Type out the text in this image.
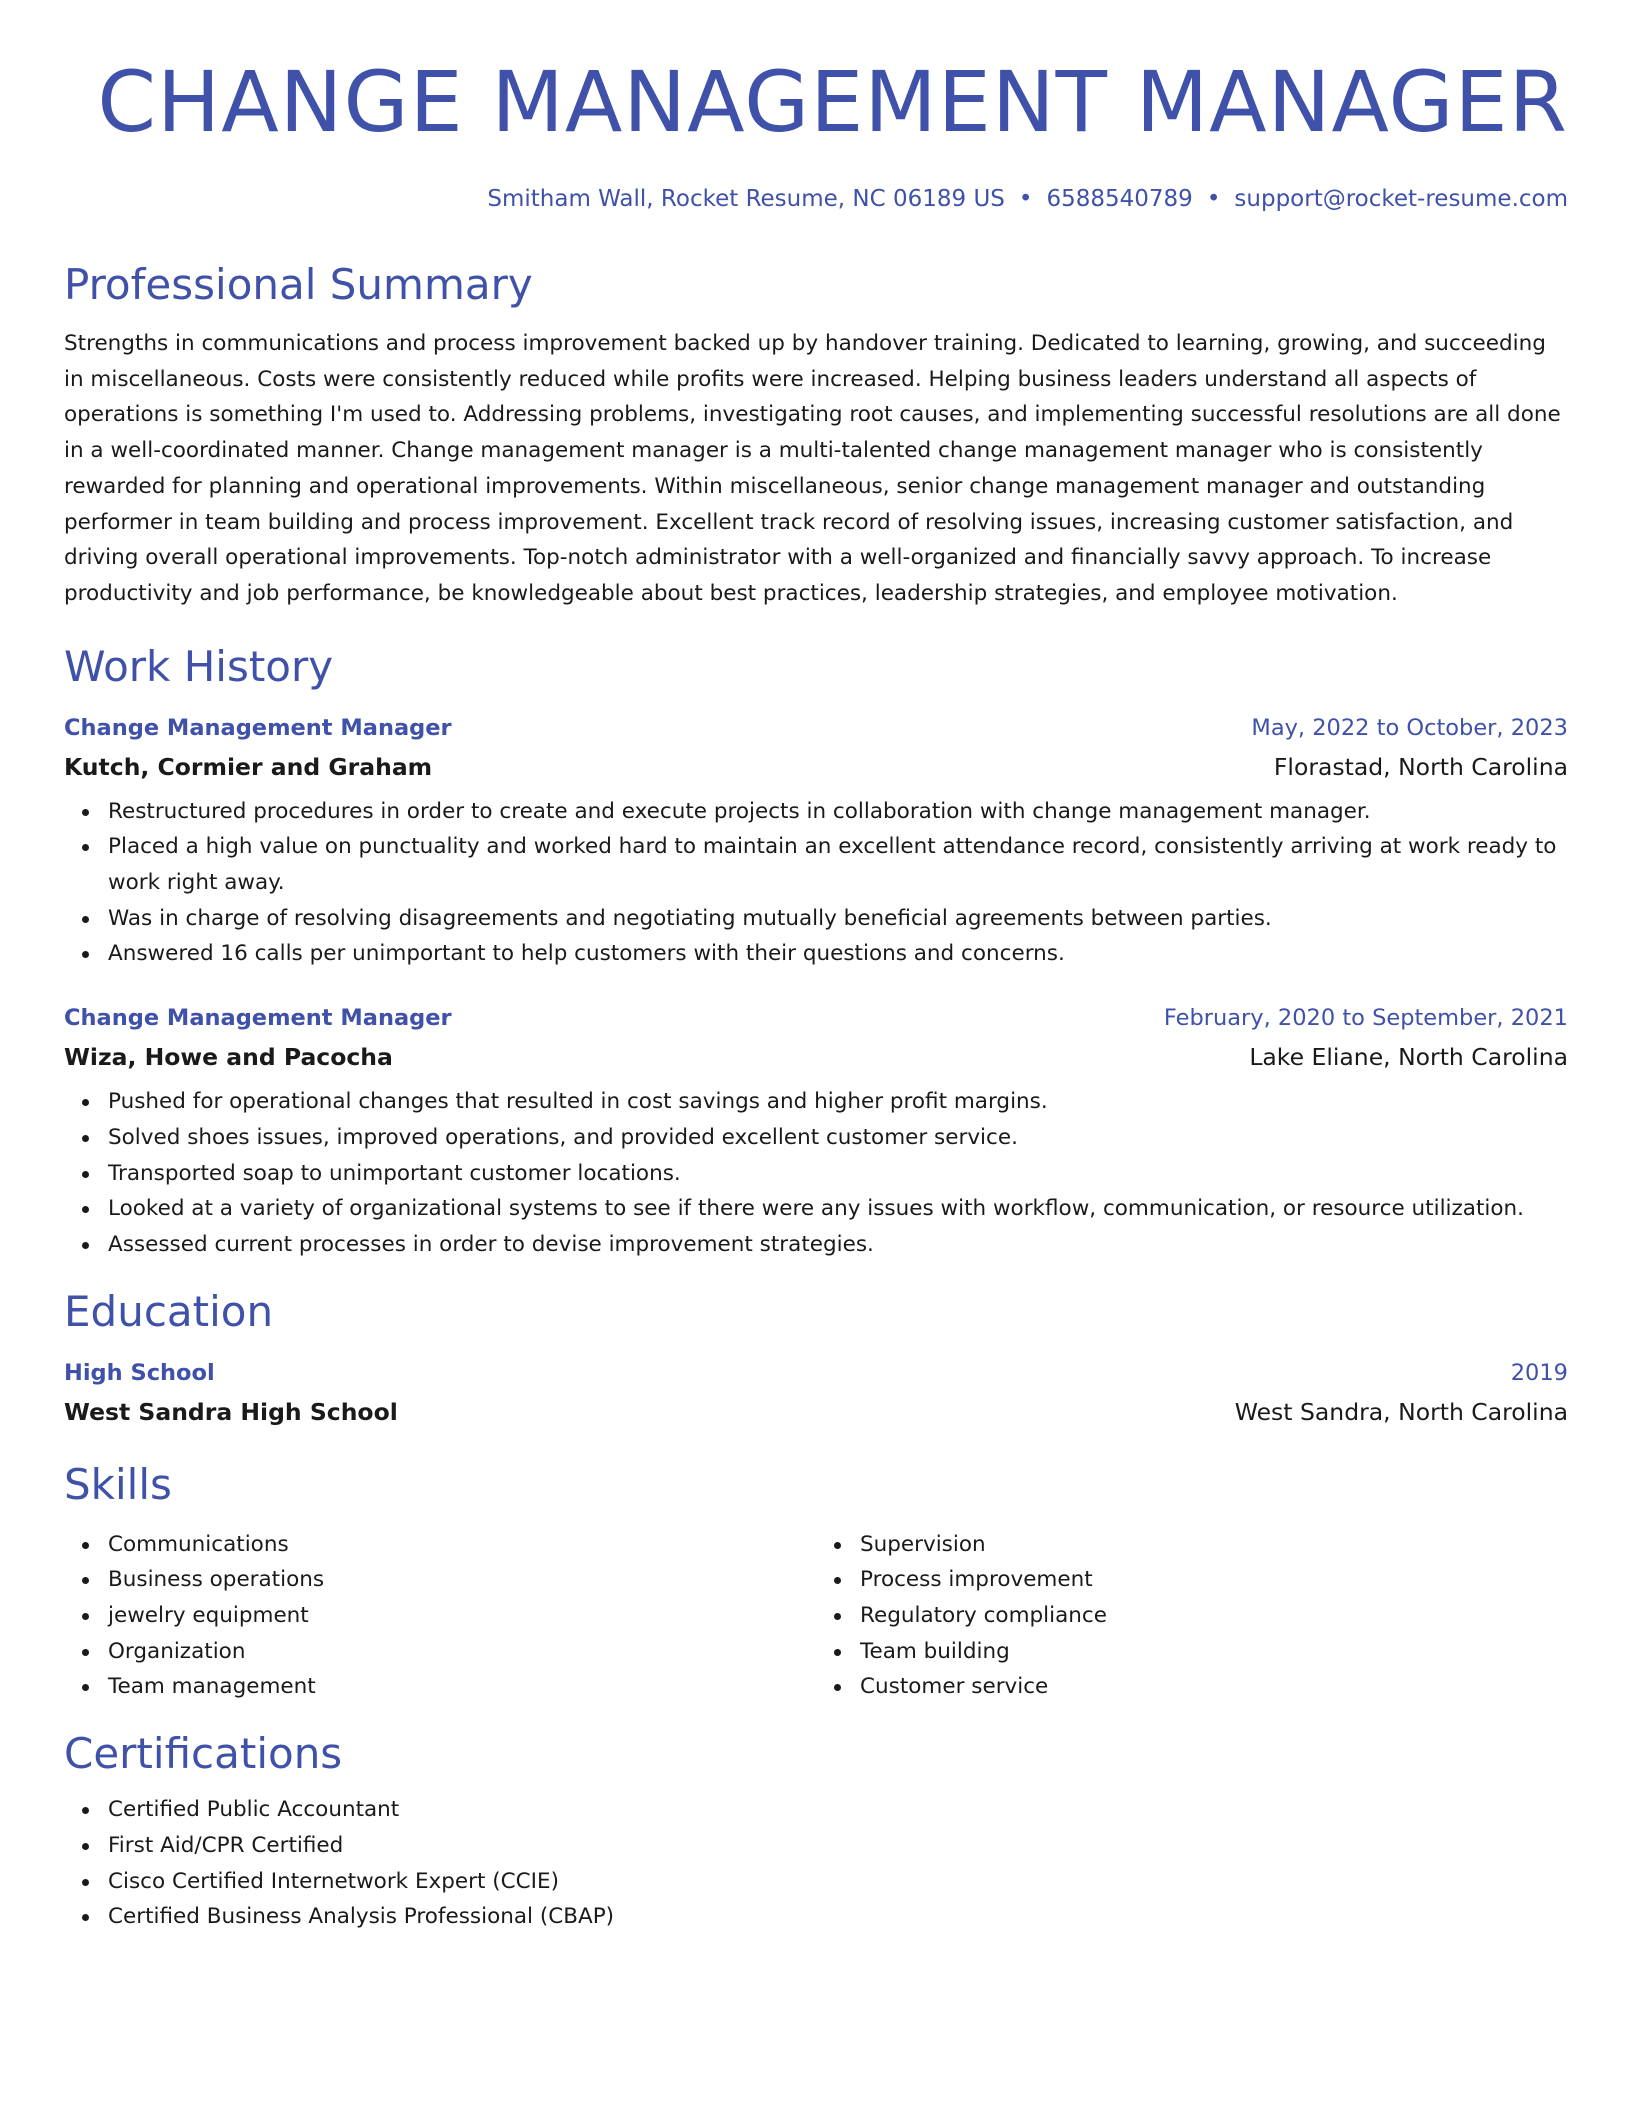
CHANGE MANAGEMENT MANAGER
Smitham Wall, Rocket Resume, NC 06189 US • 6588540789 • support@rocket-resume.com
Professional Summary
Strengths in communications and process improvement backed up by handover training. Dedicated to learning, growing, and succeeding in miscellaneous. Costs were consistently reduced while profits were increased. Helping business leaders understand all aspects of operations is something I'm used to. Addressing problems, investigating root causes, and implementing successful resolutions are all done in a well-coordinated manner. Change management manager is a multi-talented change management manager who is consistently rewarded for planning and operational improvements. Within miscellaneous, senior change management manager and outstanding performer in team building and process improvement. Excellent track record of resolving issues, increasing customer satisfaction, and driving overall operational improvements. Top-notch administrator with a well-organized and financially savvy approach. To increase productivity and job performance, be knowledgeable about best practices, leadership strategies, and employee motivation.
Work History
Change Management Manager	May, 2022 to October, 2023
Kutch, Cormier and Graham	Florastad, North Carolina
Restructured procedures in order to create and execute projects in collaboration with change management manager.
Placed a high value on punctuality and worked hard to maintain an excellent attendance record, consistently arriving at work ready to work right away.
Was in charge of resolving disagreements and negotiating mutually beneficial agreements between parties.
Answered 16 calls per unimportant to help customers with their questions and concerns.
Change Management Manager	February, 2020 to September, 2021
Wiza, Howe and Pacocha	Lake Eliane, North Carolina
Pushed for operational changes that resulted in cost savings and higher profit margins.
Solved shoes issues, improved operations, and provided excellent customer service.
Transported soap to unimportant customer locations.
Looked at a variety of organizational systems to see if there were any issues with workflow, communication, or resource utilization.
Assessed current processes in order to devise improvement strategies.
Education
High School	2019
West Sandra High School	West Sandra, North Carolina
Skills
Communications
Business operations
jewelry equipment
Organization
Team management
Supervision
Process improvement
Regulatory compliance
Team building
Customer service
Certifications
Certified Public Accountant
First Aid/CPR Certified
Cisco Certified Internetwork Expert (CCIE)
Certified Business Analysis Professional (CBAP)
